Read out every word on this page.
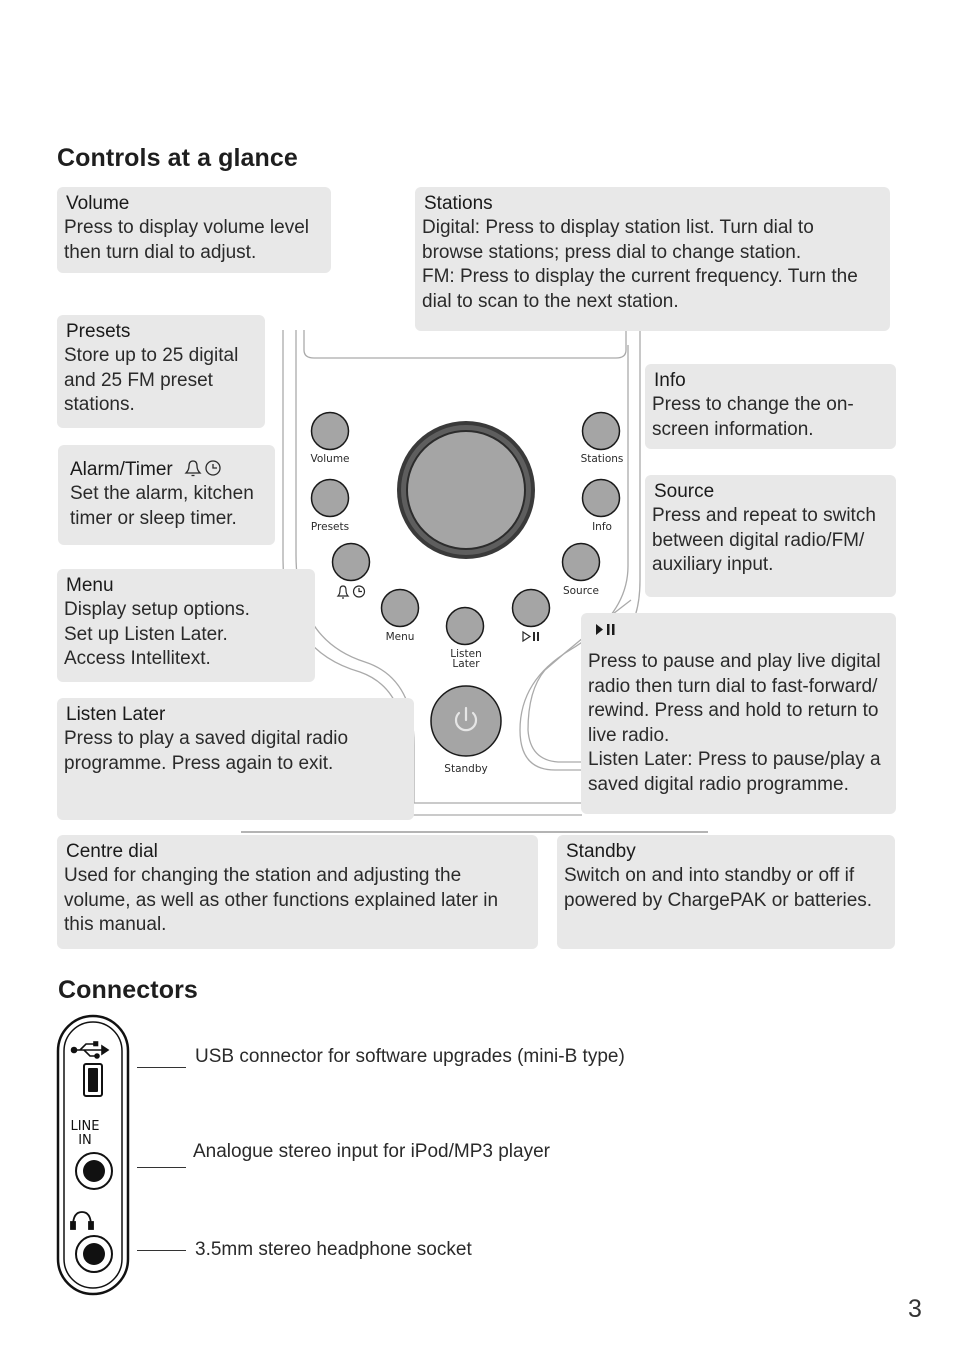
Volume	Stations
Presets	Info
Source
Menu
Listen
Later
Standby
Controls at a glance
Volume
Press to display volume level
then turn dial to adjust.
Stations
Digital: Press to display station list. Turn dial to
browse stations; press dial to change station.
FM: Press to display the current frequency. Turn the
dial to scan to the next station.
Presets
Store up to 25 digital
and 25 FM preset
stations.
Info
Press to change the on-
screen information.
Alarm/Timer
Set the alarm, kitchen
timer or sleep timer.
Source
Press and repeat to switch
between digital radio/FM/
auxiliary input.
Menu
Display setup options.
Set up Listen Later.
Access Intellitext.	Press to pause and play live digital
radio then turn dial to fast-forward/
rewind. Press and hold to return to
live radio.
Listen Later: Press to pause/play a
saved digital radio programme.
Listen Later
Press to play a saved digital radio
programme. Press again to exit.
Centre dial
Used for changing the station and adjusting the
volume, as well as other functions explained later in
this manual.
Standby
Switch on and into standby or off if
powered by ChargePAK or batteries.
Connectors
LINE
IN
USB connector for software upgrades (mini-B type)
Analogue stereo input for iPod/MP3 player
3.5mm stereo headphone socket
3
